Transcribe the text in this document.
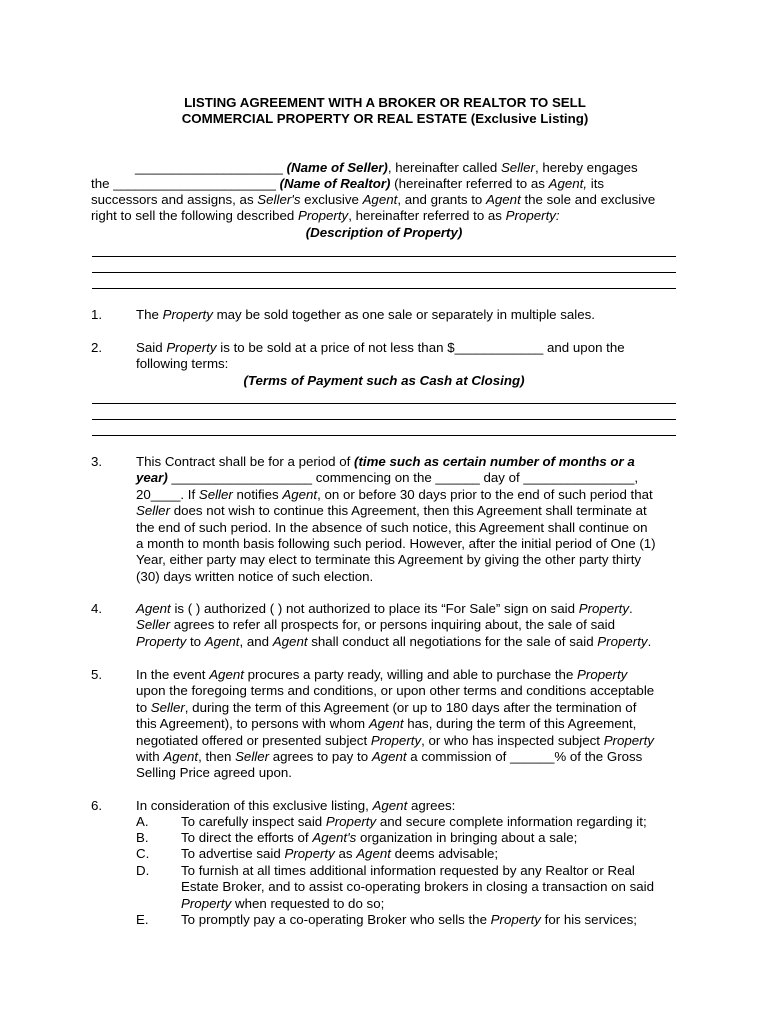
LISTING AGREEMENT WITH A BROKER OR REALTOR TO SELL
COMMERCIAL PROPERTY OR REAL ESTATE (Exclusive Listing)
____________________ (Name of Seller), hereinafter called Seller, hereby engages
the ______________________ (Name of Realtor) (hereinafter referred to as Agent, its
successors and assigns, as Seller's exclusive Agent, and grants to Agent the sole and exclusive
right to sell the following described Property, hereinafter referred to as Property:
(Description of Property)
1.	The Property may be sold together as one sale or separately in multiple sales.
2.	Said Property is to be sold at a price of not less than $____________ and upon the

following terms:

(Terms of Payment such as Cash at Closing)
3.	This Contract shall be for a period of (time such as certain number of months or a

year) ___________________ commencing on the ______ day of _______________,

20____. If Seller notifies Agent, on or before 30 days prior to the end of such period that

Seller does not wish to continue this Agreement, then this Agreement shall terminate at

the end of such period. In the absence of such notice, this Agreement shall continue on

a month to month basis following such period. However, after the initial period of One (1)

Year, either party may elect to terminate this Agreement by giving the other party thirty

(30) days written notice of such election.

4.	Agent is ( ) authorized ( ) not authorized to place its “For Sale” sign on said Property.

Seller agrees to refer all prospects for, or persons inquiring about, the sale of said

Property to Agent, and Agent shall conduct all negotiations for the sale of said Property.

5.	In the event Agent procures a party ready, willing and able to purchase the Property

upon the foregoing terms and conditions, or upon other terms and conditions acceptable

to Seller, during the term of this Agreement (or up to 180 days after the termination of

this Agreement), to persons with whom Agent has, during the term of this Agreement,

negotiated offered or presented subject Property, or who has inspected subject Property

with Agent, then Seller agrees to pay to Agent a commission of ______% of the Gross

Selling Price agreed upon.

6.	In consideration of this exclusive listing, Agent agrees:
A. To carefully inspect said Property and secure complete information regarding it;
B. To direct the efforts of Agent's organization in bringing about a sale;
C. To advertise said Property as Agent deems advisable;
D. To furnish at all times additional information requested by any Realtor or Real

Estate Broker, and to assist co-operating brokers in closing a transaction on said

Property when requested to do so;

E. To promptly pay a co-operating Broker who sells the Property for his services;
